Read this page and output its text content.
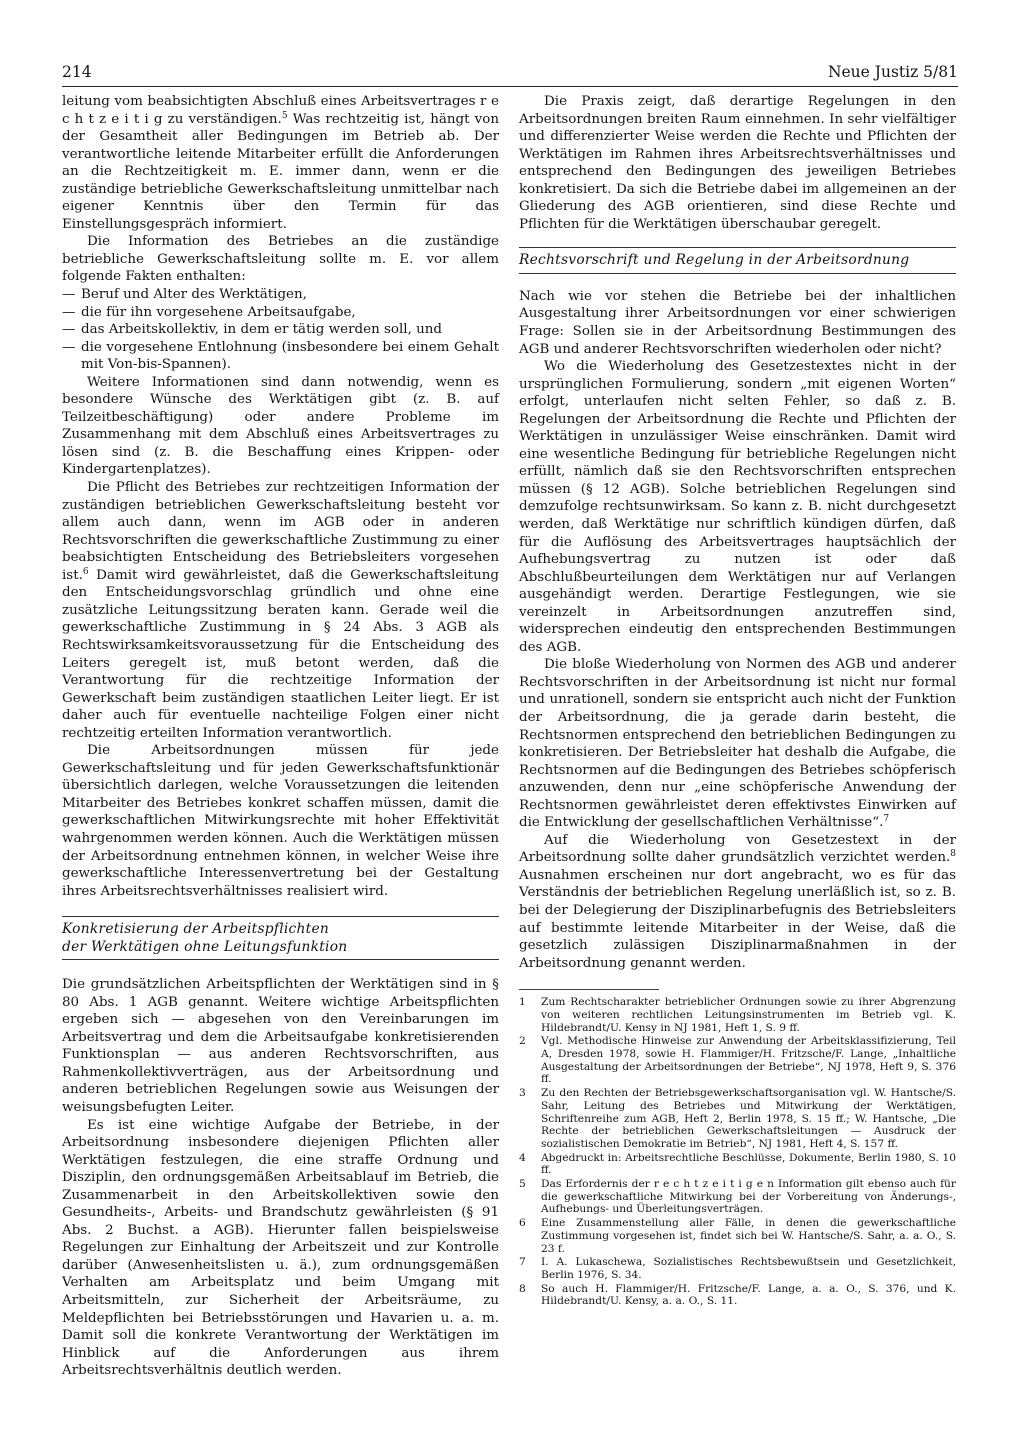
214	Neue Justiz 5/81

leitung vom beabsichtigten Abschluß eines Arbeitsvertrages r e c h t z e i t i g zu verständigen.$^5$ Was rechtzeitig ist, hängt von der Gesamtheit aller Bedingungen im Betrieb ab. Der verantwortliche leitende Mitarbeiter erfüllt die Anforderungen an die Rechtzeitigkeit m. E. immer dann, wenn er die zuständige betriebliche Gewerkschaftsleitung unmittelbar nach eigener Kenntnis über den Termin für das Einstellungsgespräch informiert.

Die Information des Betriebes an die zuständige betriebliche Gewerkschaftsleitung sollte m. E. vor allem folgende Fakten enthalten:

— Beruf und Alter des Werktätigen,
— die für ihn vorgesehene Arbeitsaufgabe,
— das Arbeitskollektiv, in dem er tätig werden soll, und
— die vorgesehene Entlohnung (insbesondere bei einem Gehalt mit Von-bis-Spannen).

Weitere Informationen sind dann notwendig, wenn es besondere Wünsche des Werktätigen gibt (z. B. auf Teilzeitbeschäftigung) oder andere Probleme im Zusammenhang mit dem Abschluß eines Arbeitsvertrages zu lösen sind (z. B. die Beschaffung eines Krippen- oder Kindergartenplatzes).

Die Pflicht des Betriebes zur rechtzeitigen Information der zuständigen betrieblichen Gewerkschaftsleitung besteht vor allem auch dann, wenn im AGB oder in anderen Rechtsvorschriften die gewerkschaftliche Zustimmung zu einer beabsichtigten Entscheidung des Betriebsleiters vorgesehen ist.$^6$ Damit wird gewährleistet, daß die Gewerkschaftsleitung den Entscheidungsvorschlag gründlich und ohne eine zusätzliche Leitungssitzung beraten kann. Gerade weil die gewerkschaftliche Zustimmung in § 24 Abs. 3 AGB als Rechtswirksamkeitsvoraussetzung für die Entscheidung des Leiters geregelt ist, muß betont werden, daß die Verantwortung für die rechtzeitige Information der Gewerkschaft beim zuständigen staatlichen Leiter liegt. Er ist daher auch für eventuelle nachteilige Folgen einer nicht rechtzeitig erteilten Information verantwortlich.

Die Arbeitsordnungen müssen für jede Gewerkschaftsleitung und für jeden Gewerkschaftsfunktionär übersichtlich darlegen, welche Voraussetzungen die leitenden Mitarbeiter des Betriebes konkret schaffen müssen, damit die gewerkschaftlichen Mitwirkungsrechte mit hoher Effektivität wahrgenommen werden können. Auch die Werktätigen müssen der Arbeitsordnung entnehmen können, in welcher Weise ihre gewerkschaftliche Interessenvertretung bei der Gestaltung ihres Arbeitsrechtsverhältnisses realisiert wird.

Konkretisierung der Arbeitspflichten
der Werktätigen ohne Leitungsfunktion

Die grundsätzlichen Arbeitspflichten der Werktätigen sind in § 80 Abs. 1 AGB genannt. Weitere wichtige Arbeitspflichten ergeben sich — abgesehen von den Vereinbarungen im Arbeitsvertrag und dem die Arbeitsaufgabe konkretisierenden Funktionsplan — aus anderen Rechtsvorschriften, aus Rahmenkollektivverträgen, aus der Arbeitsordnung und anderen betrieblichen Regelungen sowie aus Weisungen der weisungsbefugten Leiter.

Es ist eine wichtige Aufgabe der Betriebe, in der Arbeitsordnung insbesondere diejenigen Pflichten aller Werktätigen festzulegen, die eine straffe Ordnung und Disziplin, den ordnungsgemäßen Arbeitsablauf im Betrieb, die Zusammenarbeit in den Arbeitskollektiven sowie den Gesundheits-, Arbeits- und Brandschutz gewährleisten (§ 91 Abs. 2 Buchst. a AGB). Hierunter fallen beispielsweise Regelungen zur Einhaltung der Arbeitszeit und zur Kontrolle darüber (Anwesenheitslisten u. ä.), zum ordnungsgemäßen Verhalten am Arbeitsplatz und beim Umgang mit Arbeitsmitteln, zur Sicherheit der Arbeitsräume, zu Meldepflichten bei Betriebsstörungen und Havarien u. a. m. Damit soll die konkrete Verantwortung der Werktätigen im Hinblick auf die Anforderungen aus ihrem Arbeitsrechtsverhältnis deutlich werden.

Die Praxis zeigt, daß derartige Regelungen in den Arbeitsordnungen breiten Raum einnehmen. In sehr vielfältiger und differenzierter Weise werden die Rechte und Pflichten der Werktätigen im Rahmen ihres Arbeitsrechtsverhältnisses und entsprechend den Bedingungen des jeweiligen Betriebes konkretisiert. Da sich die Betriebe dabei im allgemeinen an der Gliederung des AGB orientieren, sind diese Rechte und Pflichten für die Werktätigen überschaubar geregelt.

Rechtsvorschrift und Regelung in der Arbeitsordnung

Nach wie vor stehen die Betriebe bei der inhaltlichen Ausgestaltung ihrer Arbeitsordnungen vor einer schwierigen Frage: Sollen sie in der Arbeitsordnung Bestimmungen des AGB und anderer Rechtsvorschriften wiederholen oder nicht?

Wo die Wiederholung des Gesetzestextes nicht in der ursprünglichen Formulierung, sondern „mit eigenen Worten“ erfolgt, unterlaufen nicht selten Fehler, so daß z. B. Regelungen der Arbeitsordnung die Rechte und Pflichten der Werktätigen in unzulässiger Weise einschränken. Damit wird eine wesentliche Bedingung für betriebliche Regelungen nicht erfüllt, nämlich daß sie den Rechtsvorschriften entsprechen müssen (§ 12 AGB). Solche betrieblichen Regelungen sind demzufolge rechtsunwirksam. So kann z. B. nicht durchgesetzt werden, daß Werktätige nur schriftlich kündigen dürfen, daß für die Auflösung des Arbeitsvertrages hauptsächlich der Aufhebungsvertrag zu nutzen ist oder daß Abschlußbeurteilungen dem Werktätigen nur auf Verlangen ausgehändigt werden. Derartige Festlegungen, wie sie vereinzelt in Arbeitsordnungen anzutreffen sind, widersprechen eindeutig den entsprechenden Bestimmungen des AGB.

Die bloße Wiederholung von Normen des AGB und anderer Rechtsvorschriften in der Arbeitsordnung ist nicht nur formal und unrationell, sondern sie entspricht auch nicht der Funktion der Arbeitsordnung, die ja gerade darin besteht, die Rechtsnormen entsprechend den betrieblichen Bedingungen zu konkretisieren. Der Betriebsleiter hat deshalb die Aufgabe, die Rechtsnormen auf die Bedingungen des Betriebes schöpferisch anzuwenden, denn nur „eine schöpferische Anwendung der Rechtsnormen gewährleistet deren effektivstes Einwirken auf die Entwicklung der gesellschaftlichen Verhältnisse“.$^7$

Auf die Wiederholung von Gesetzestext in der Arbeitsordnung sollte daher grundsätzlich verzichtet werden.$^8$ Ausnahmen erscheinen nur dort angebracht, wo es für das Verständnis der betrieblichen Regelung unerläßlich ist, so z. B. bei der Delegierung der Disziplinarbefugnis des Betriebsleiters auf bestimmte leitende Mitarbeiter in der Weise, daß die gesetzlich zulässigen Disziplinarmaßnahmen in der Arbeitsordnung genannt werden.

1	Zum Rechtscharakter betrieblicher Ordnungen sowie zu ihrer Abgrenzung von weiteren rechtlichen Leitungsinstrumenten im Betrieb vgl. K. Hildebrandt/U. Kensy in NJ 1981, Heft 1, S. 9 ff.
2	Vgl. Methodische Hinweise zur Anwendung der Arbeitsklassifizierung, Teil A, Dresden 1978, sowie H. Flammiger/H. Fritzsche/F. Lange, „Inhaltliche Ausgestaltung der Arbeitsordnungen der Betriebe“, NJ 1978, Heft 9, S. 376 ff.
3	Zu den Rechten der Betriebsgewerkschaftsorganisation vgl. W. Hantsche/S. Sahr, Leitung des Betriebes und Mitwirkung der Werktätigen, Schriftenreihe zum AGB, Heft 2, Berlin 1978, S. 15 ff.; W. Hantsche, „Die Rechte der betrieblichen Gewerkschaftsleitungen — Ausdruck der sozialistischen Demokratie im Betrieb“, NJ 1981, Heft 4, S. 157 ff.
4	Abgedruckt in: Arbeitsrechtliche Beschlüsse, Dokumente, Berlin 1980, S. 10 ff.
5	Das Erfordernis der r e c h t z e i t i g e n Information gilt ebenso auch für die gewerkschaftliche Mitwirkung bei der Vorbereitung von Änderungs-, Aufhebungs- und Überleitungsverträgen.
6	Eine Zusammenstellung aller Fälle, in denen die gewerkschaftliche Zustimmung vorgesehen ist, findet sich bei W. Hantsche/S. Sahr, a. a. O., S. 23 f.
7	I. A. Lukaschewa, Sozialistisches Rechtsbewußtsein und Gesetzlichkeit, Berlin 1976, S. 34.
8	So auch H. Flammiger/H. Fritzsche/F. Lange, a. a. O., S. 376, und K. Hildebrandt/U. Kensy, a. a. O., S. 11.
